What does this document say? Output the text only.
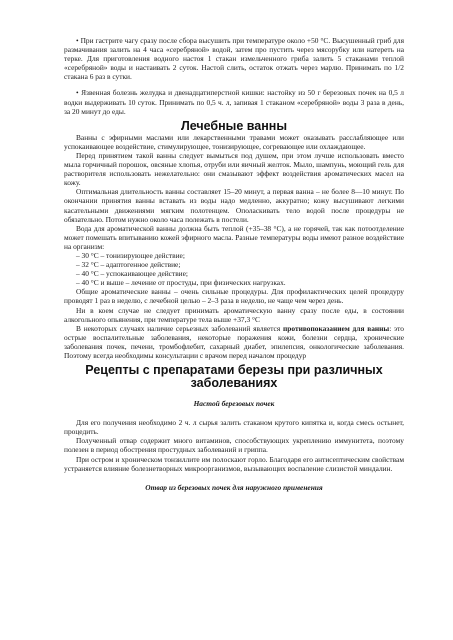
• При гастрите чагу сразу после сбора высушить при температуре около +50 °С. Высушенный гриб для размачивания залить на 4 часа «серебряной» водой, затем про пустить через мясорубку или натереть на терке. Для приготовления водного настоя 1 стакан измельченного гриба залить 5 стаканами теплой «серебряной» воды и настаивать 2 суток. Настой слить, остаток отжать через марлю. Принимать по 1/2 стакана 6 раз в сутки.

• Язвенная болезнь желудка и двенадцатиперстной кишки: настойку из 50 г березовых почек на 0,5 л водки выдерживать 10 суток. Принимать по 0,5 ч. л, запивая 1 стаканом «серебряной» воды 3 раза в день, за 20 минут до еды.

Лечебные ванны

Ванны с эфирными маслами или лекарственными травами может оказывать расслабляющее или успокаивающее воздействие, стимулирующее, тонизирующее, согревающее или охлаждающее.

Перед принятием такой ванны следует вымыться под душем, при этом лучше использовать вместо мыла горчичный порошок, овсяные хлопья, отруби или яичный желток. Мыло, шампунь, моющий гель для растворителя использовать нежелательно: они смазывают эффект воздействия ароматических масел на кожу.

Оптимальная длительность ванны составляет 15–20 минут, а первая ванна – не более 8—10 минут. По окончании принятия ванны вставать из воды надо медленно, аккуратно; кожу высушивают легкими касательными движениями мягким полотенцем. Ополаскивать тело водой после процедуры не обязательно. Потом нужно около часа полежать в постели.

Вода для ароматической ванны должна быть теплой (+35–38 °С), а не горячей, так как потоотделение может помешать впитыванию кожей эфирного масла. Разные температуры воды имеют разное воздействие на организм:

– 30 °С – тонизирующее действие;
– 32 °С – адаптогенное действие;
– 40 °С – успокаивающее действие;
– 40 °С и выше – лечение от простуды, при физических нагрузках.

Общие ароматические ванны – очень сильные процедуры. Для профилактических целей процедуру проводят 1 раз в неделю, с лечебной целью – 2–3 раза в неделю, не чаще чем через день.

Ни в коем случае не следует принимать ароматическую ванну сразу после еды, в состоянии алкогольного опьянения, при температуре тела выше +37,3 °С

В некоторых случаях наличие серьезных заболеваний является противопоказанием для ванны: это острые воспалительные заболевания, некоторые поражения кожи, болезни сердца, хронические заболевания почек, печени, тромбофлебит, сахарный диабет, эпилепсия, онкологические заболевания. Поэтому всегда необходимы консультации с врачом перед началом процедур

Рецепты с препаратами березы при различных заболеваниях

Настой березовых почек

Для его получения необходимо 2 ч. л сырья залить стаканом крутого кипятка и, когда смесь остынет, процедить.

Полученный отвар содержит много витаминов, способствующих укреплению иммунитета, поэтому полезен в период обострения простудных заболеваний и гриппа.

При остром и хроническом тонзиллите им полоскают горло. Благодаря его антисептическим свойствам устраняется влияние болезнетворных микроорганизмов, вызывающих воспаление слизистой миндалин.

Отвар из березовых почек для наружного применения
